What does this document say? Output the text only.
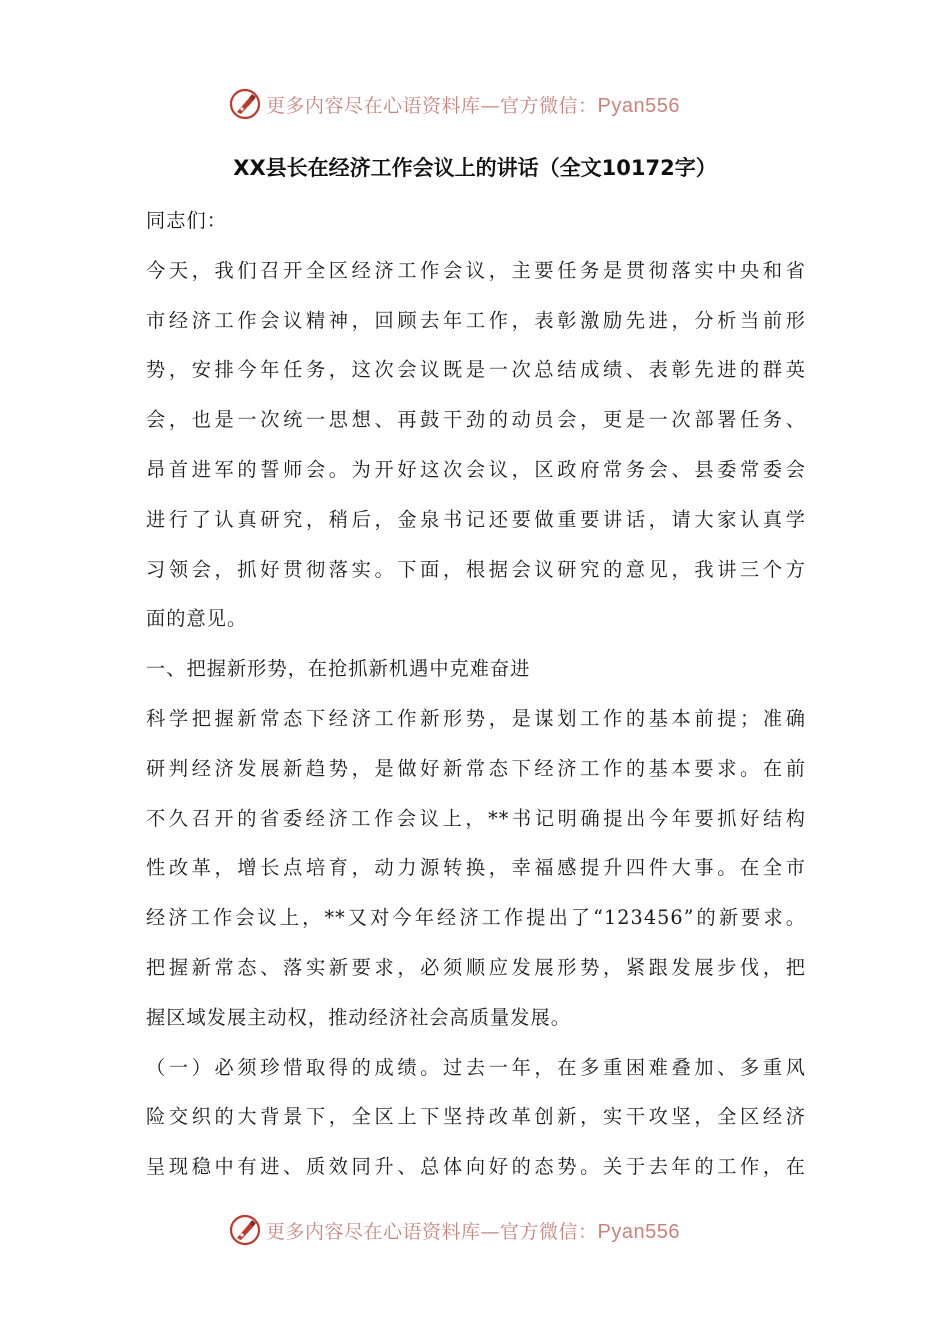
更多内容尽在心语资料库—官方微信：Pyan556
XX县长在经济工作会议上的讲话（全文10172字）
同志们：
今天，我们召开全区经济工作会议，主要任务是贯彻落实中央和省
市经济工作会议精神，回顾去年工作，表彰激励先进，分析当前形
势，安排今年任务，这次会议既是一次总结成绩、表彰先进的群英
会，也是一次统一思想、再鼓干劲的动员会，更是一次部署任务、
昂首进军的誓师会。为开好这次会议，区政府常务会、县委常委会
进行了认真研究，稍后，金泉书记还要做重要讲话，请大家认真学
习领会，抓好贯彻落实。下面，根据会议研究的意见，我讲三个方
面的意见。
一、把握新形势，在抢抓新机遇中克难奋进
科学把握新常态下经济工作新形势，是谋划工作的基本前提；准确
研判经济发展新趋势，是做好新常态下经济工作的基本要求。在前
不久召开的省委经济工作会议上，**书记明确提出今年要抓好结构
性改革，增长点培育，动力源转换，幸福感提升四件大事。在全市
经济工作会议上，**又对今年经济工作提出了“123456”的新要求。
把握新常态、落实新要求，必须顺应发展形势，紧跟发展步伐，把
握区域发展主动权，推动经济社会高质量发展。
（一）必须珍惜取得的成绩。过去一年，在多重困难叠加、多重风
险交织的大背景下，全区上下坚持改革创新，实干攻坚，全区经济
呈现稳中有进、质效同升、总体向好的态势。关于去年的工作，在
更多内容尽在心语资料库—官方微信：Pyan556
